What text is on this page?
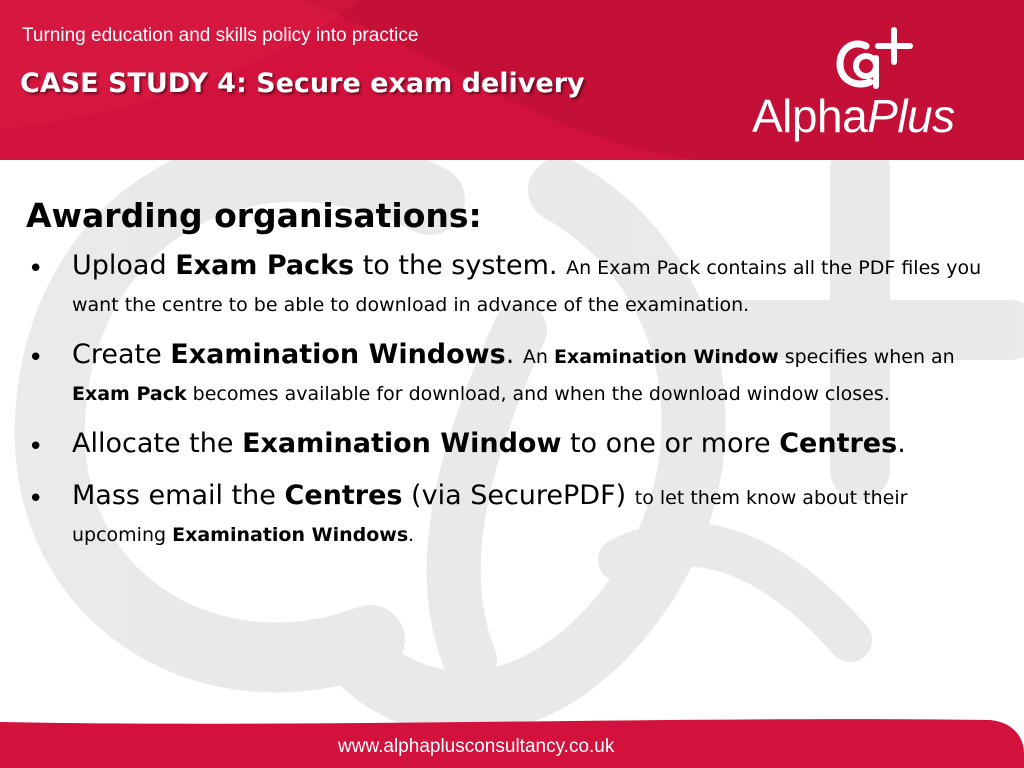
Turning education and skills policy into practice
CASE STUDY 4: Secure exam delivery
AlphaPlus
Awarding organisations:
• Upload Exam Packs to the system. An Exam Pack contains all the PDF files you want the centre to be able to download in advance of the examination.
• Create Examination Windows. An Examination Window specifies when an Exam Pack becomes available for download, and when the download window closes.
• Allocate the Examination Window to one or more Centres.
• Mass email the Centres (via SecurePDF) to let them know about their upcoming Examination Windows.
www.alphaplusconsultancy.co.uk
